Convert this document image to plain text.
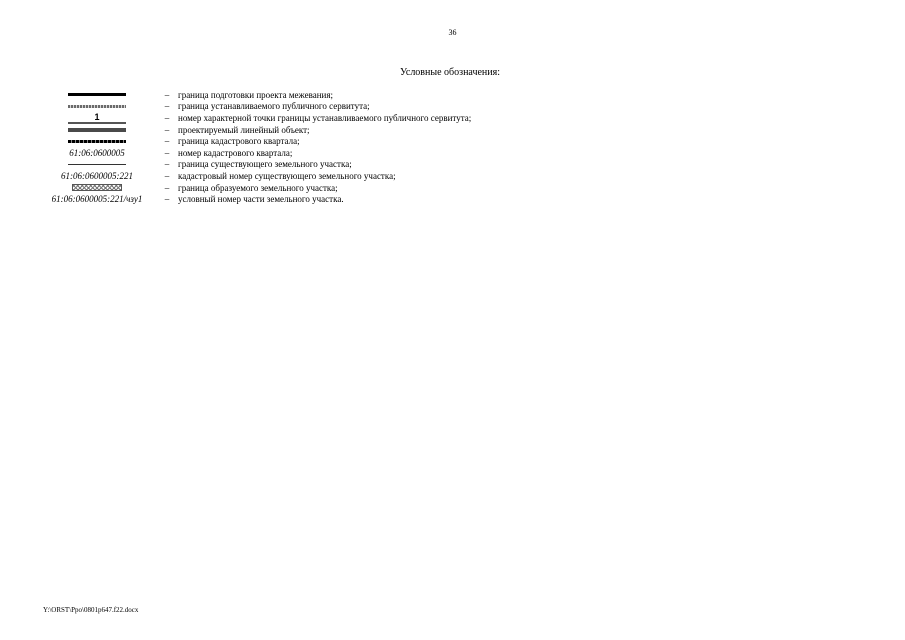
36
Условные обозначения:
– граница подготовки проекта межевания;
– граница устанавливаемого публичного сервитута;
1	– номер характерной точки границы устанавливаемого публичного сервитута;
– проектируемый линейный объект;
– граница кадастрового квартала;
61:06:0600005	– номер кадастрового квартала;
– граница существующего земельного участка;
61:06:0600005:221	– кадастровый номер существующего земельного участка;
– граница образуемого земельного участка;
61:06:0600005:221/чзу1	– условный номер части земельного участка.
Y:\ORST\Ppo\0801p647.f22.docx
